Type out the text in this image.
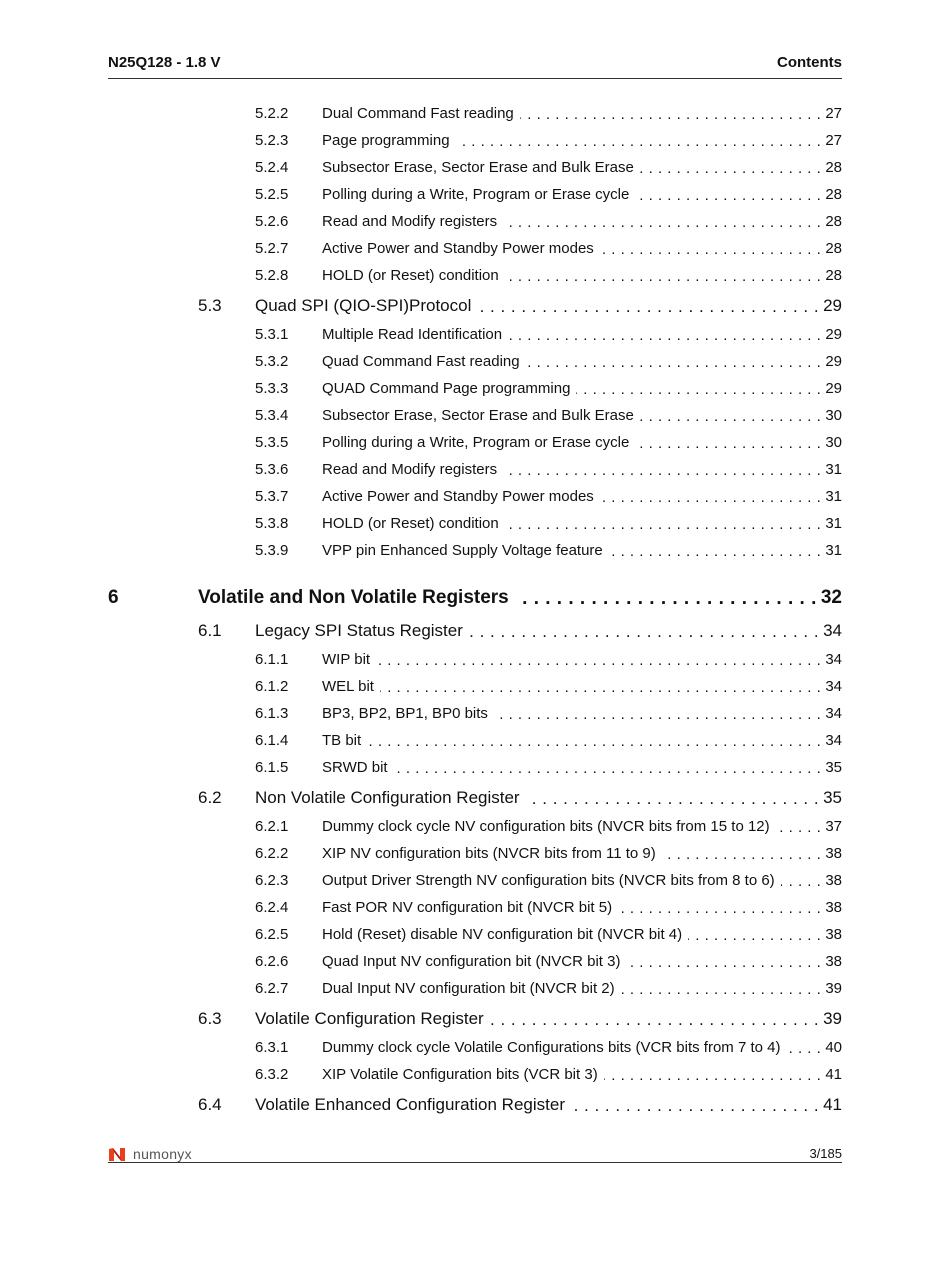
N25Q128 - 1.8 V	Contents
5.2.2	Dual Command Fast reading . . .	27
5.2.3	Page programming . . .	27
5.2.4	Subsector Erase, Sector Erase and Bulk Erase . . .	28
5.2.5	Polling during a Write, Program or Erase cycle . . .	28
5.2.6	Read and Modify registers . . .	28
5.2.7	Active Power and Standby Power modes . . .	28
5.2.8	HOLD (or Reset) condition . . .	28
5.3	Quad SPI (QIO-SPI)Protocol . . .	29
5.3.1	Multiple Read Identification . . .	29
5.3.2	Quad Command Fast reading . . .	29
5.3.3	QUAD Command Page programming . . .	29
5.3.4	Subsector Erase, Sector Erase and Bulk Erase . . .	30
5.3.5	Polling during a Write, Program or Erase cycle . . .	30
5.3.6	Read and Modify registers . . .	31
5.3.7	Active Power and Standby Power modes . . .	31
5.3.8	HOLD (or Reset) condition . . .	31
5.3.9	VPP pin Enhanced Supply Voltage feature . . .	31
6	Volatile and Non Volatile Registers . . .	32
6.1	Legacy SPI Status Register . . .	34
6.1.1	WIP bit . . .	34
6.1.2	WEL bit . . .	34
6.1.3	BP3, BP2, BP1, BP0 bits . . .	34
6.1.4	TB bit . . .	34
6.1.5	SRWD bit . . .	35
6.2	Non Volatile Configuration Register . . .	35
6.2.1	Dummy clock cycle NV configuration bits (NVCR bits from 15 to 12) . . .	37
6.2.2	XIP NV configuration bits (NVCR bits from 11 to 9) . . .	38
6.2.3	Output Driver Strength NV configuration bits (NVCR bits from 8 to 6) . . .	38
6.2.4	Fast POR NV configuration bit (NVCR bit 5) . . .	38
6.2.5	Hold (Reset) disable NV configuration bit (NVCR bit 4) . . .	38
6.2.6	Quad Input NV configuration bit (NVCR bit 3) . . .	38
6.2.7	Dual Input NV configuration bit (NVCR bit 2) . . .	39
6.3	Volatile Configuration Register . . .	39
6.3.1	Dummy clock cycle Volatile Configurations bits (VCR bits from 7 to 4) . . .	40
6.3.2	XIP Volatile Configuration bits (VCR bit 3) . . .	41
6.4	Volatile Enhanced Configuration Register . . .	41
numonyx	3/185
